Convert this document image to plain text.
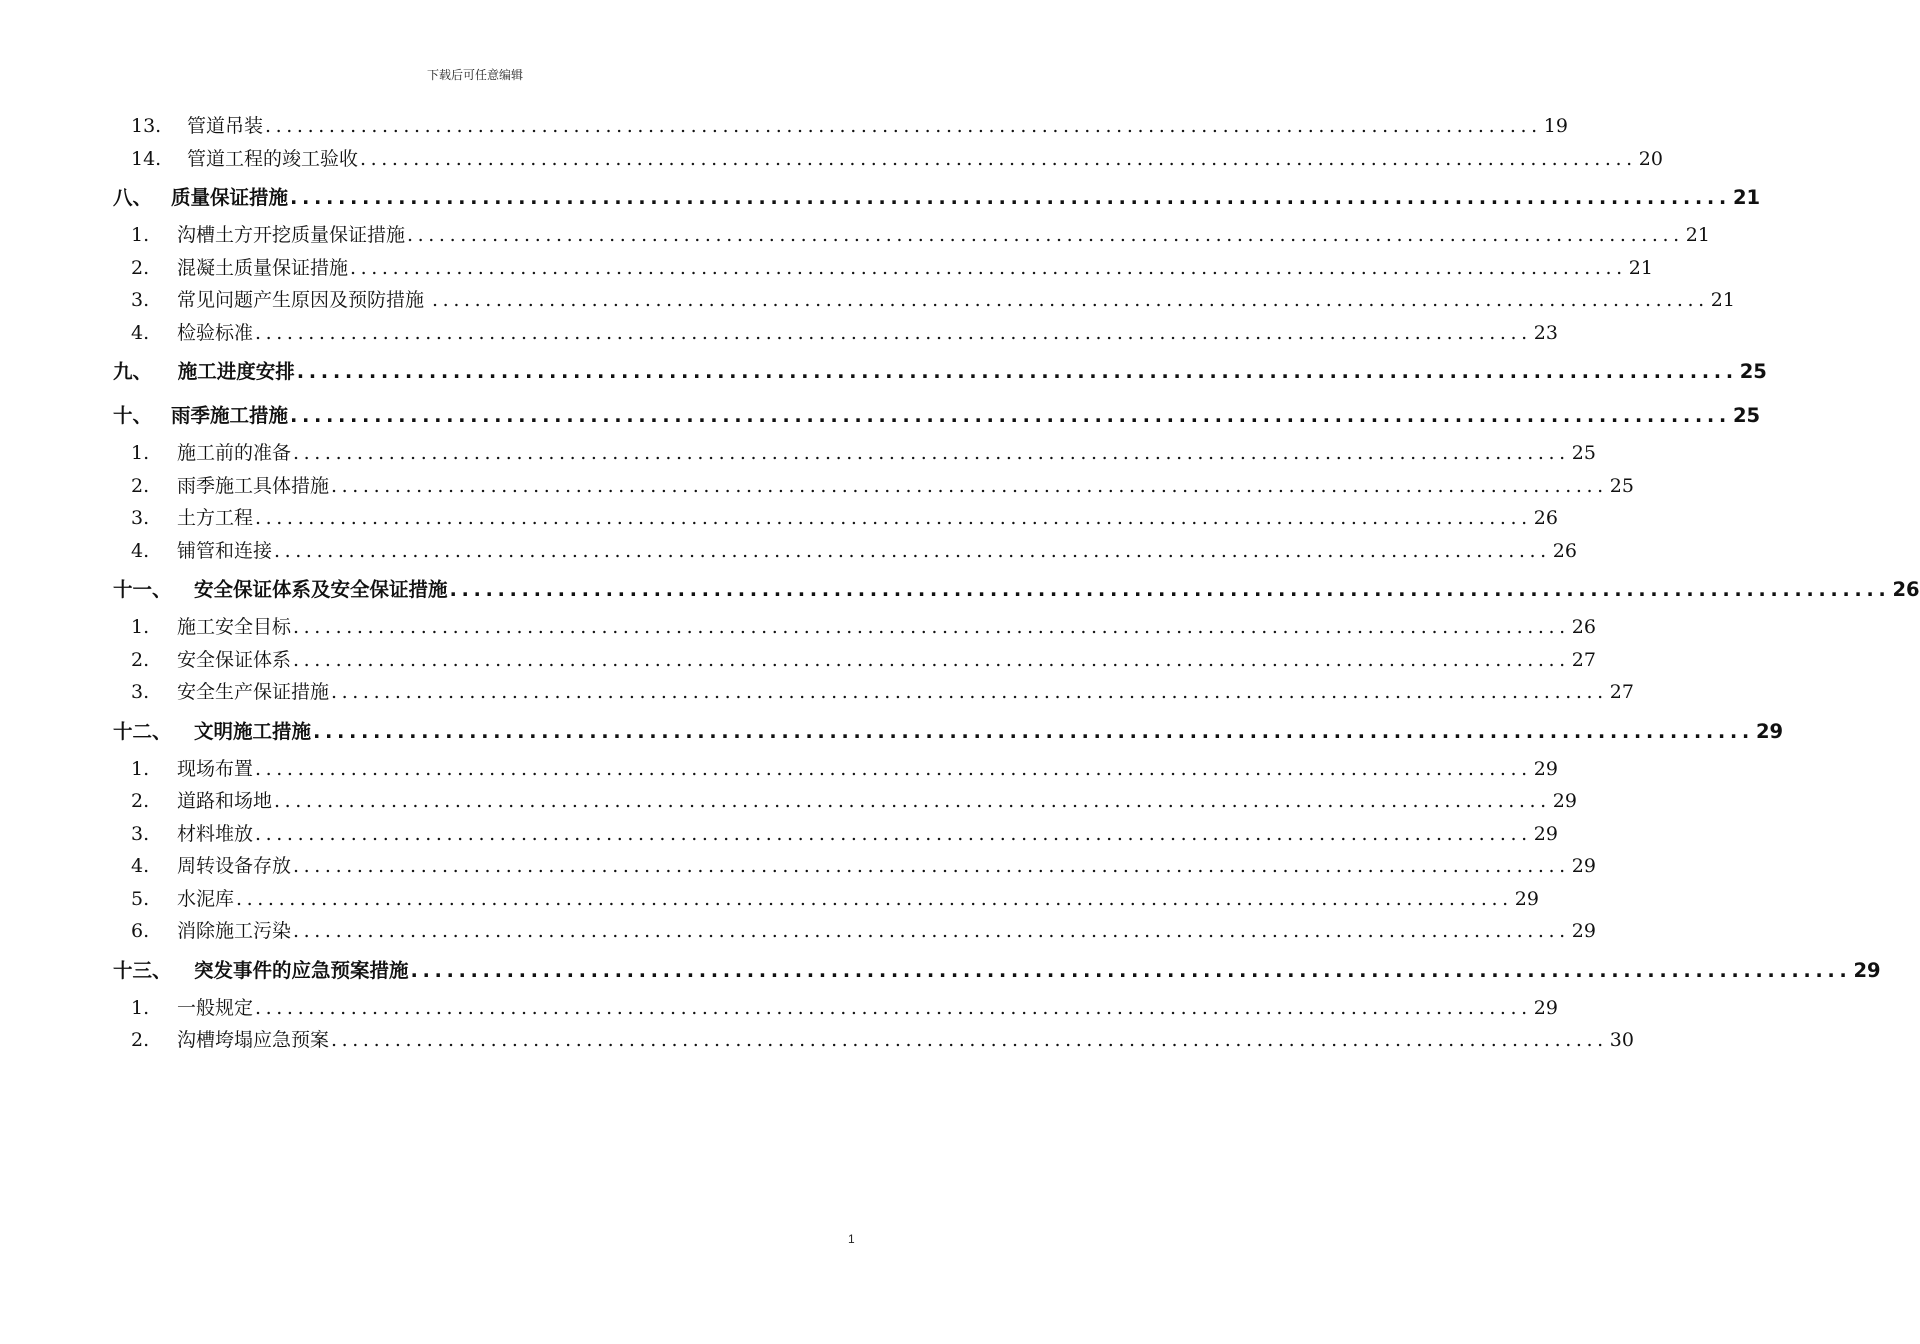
下载后可任意编辑
13.	管道吊装 ........................................................................................................................ 19
14.	管道工程的竣工验收 ........................................................................................................................ 20
八、 质量保证措施 ........................................................................................................................ 21
1.	沟槽土方开挖质量保证措施 ........................................................................................................................ 21
2.	混凝土质量保证措施 ........................................................................................................................ 21
3.	常见问题产生原因及预防措施 ........................................................................................................................ 21
4.	检验标准 ........................................................................................................................ 23
九、 施工进度安排 ........................................................................................................................ 25
十、 雨季施工措施 ........................................................................................................................ 25
1.	施工前的准备 ........................................................................................................................ 25
2.	雨季施工具体措施 ........................................................................................................................ 25
3.	土方工程 ........................................................................................................................ 26
4.	铺管和连接 ........................................................................................................................ 26
十一、	安全保证体系及安全保证措施 ........................................................................................................................ 26
1.	施工安全目标 ........................................................................................................................ 26
2.	安全保证体系 ........................................................................................................................ 27
3.	安全生产保证措施 ........................................................................................................................ 27
十二、	文明施工措施 ........................................................................................................................ 29
1.	现场布置 ........................................................................................................................ 29
2.	道路和场地 ........................................................................................................................ 29
3.	材料堆放 ........................................................................................................................ 29
4.	周转设备存放 ........................................................................................................................ 29
5.	水泥库 ........................................................................................................................ 29
6.	消除施工污染 ........................................................................................................................ 29
十三、	突发事件的应急预案措施 ........................................................................................................................ 29
1.	一般规定 ........................................................................................................................ 29
2.	沟槽垮塌应急预案 ........................................................................................................................ 30
1
